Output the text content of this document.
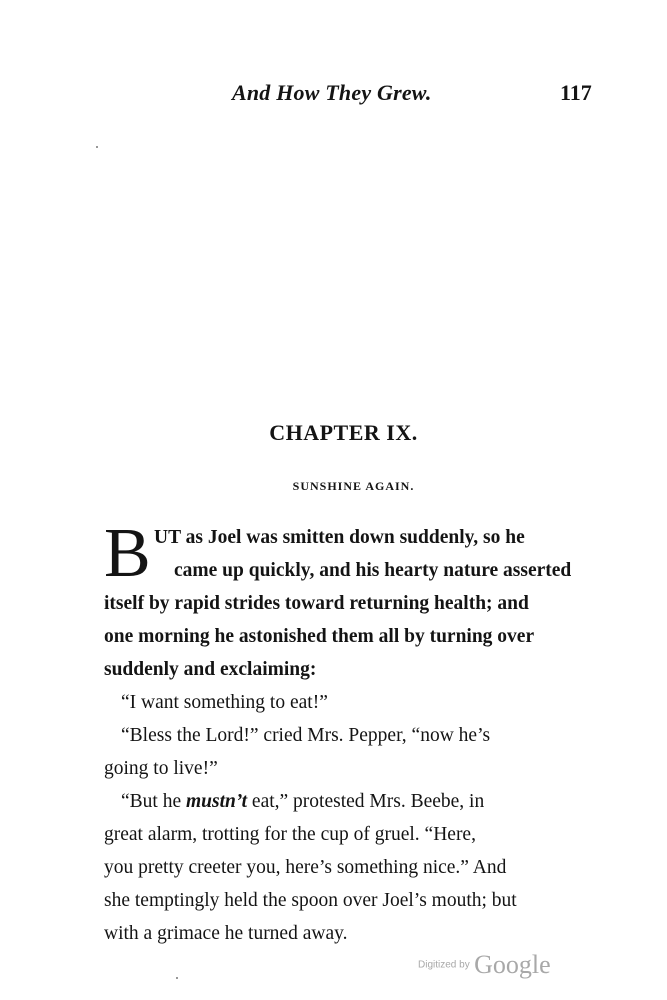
And How They Grew.	117
CHAPTER IX.
SUNSHINE AGAIN.
B UT as Joel was smitten down suddenly, so he
came up quickly, and his hearty nature asserted
itself by rapid strides toward returning health; and
one morning he astonished them all by turning over
suddenly and exclaiming:
“I want something to eat!”
“Bless the Lord!” cried Mrs. Pepper, “now he’s
going to live!”
“But he mustn’t eat,” protested Mrs. Beebe, in
great alarm, trotting for the cup of gruel. “Here,
you pretty creeter you, here’s something nice.” And
she temptingly held the spoon over Joel’s mouth; but
with a grimace he turned away.
Digitized by Google
